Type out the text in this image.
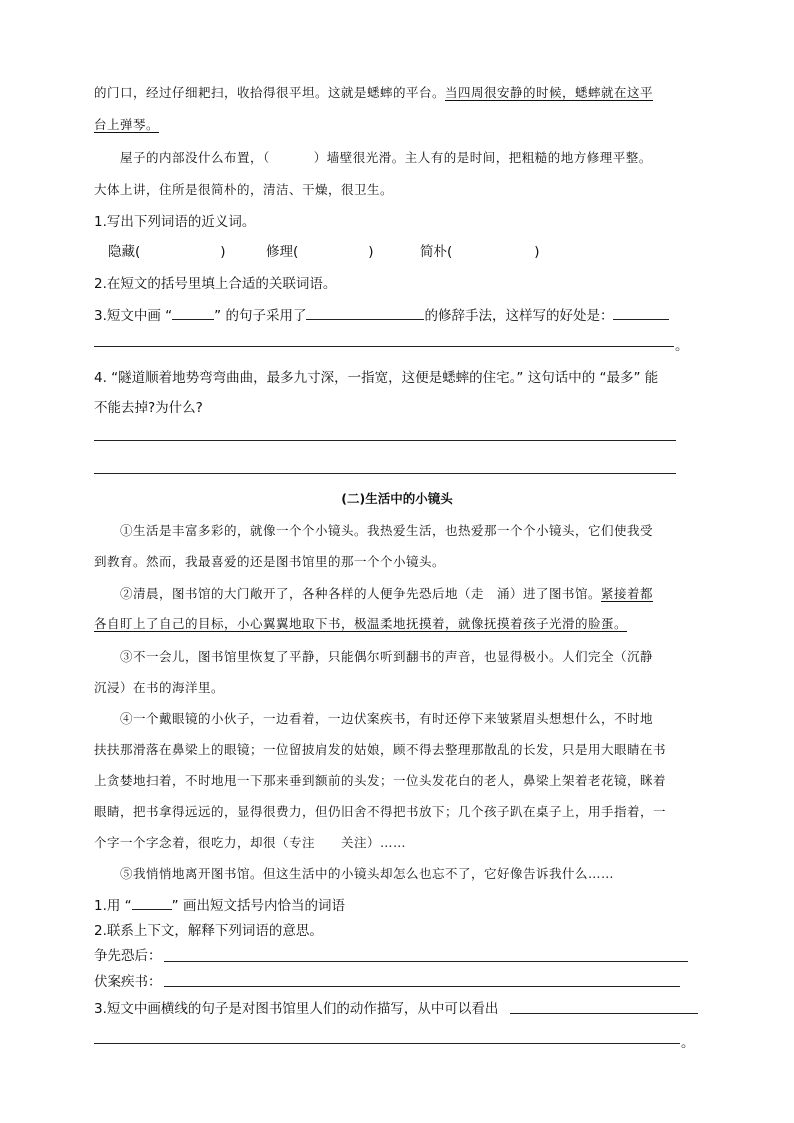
的门口，经过仔细耙扫，收拾得很平坦。这就是蟋蟀的平台。当四周很安静的时候，蟋蟀就在这平
台上弹琴。
屋子的内部没什么布置，（	）墙壁很光滑。主人有的是时间，把粗糙的地方修理平整。
大体上讲，住所是很简朴的，清洁、干燥，很卫生。
1.写出下列词语的近义词。
隐藏(	)	修理(	)	简朴(	)
2.在短文的括号里填上合适的关联词语。
3.短文中画 “	” 的句子采用了	的修辞手法，这样写的好处是：
。
4. “隧道顺着地势弯弯曲曲，最多九寸深，一指宽，这便是蟋蟀的住宅。” 这句话中的 “最多” 能
不能去掉?为什么?
(二)生活中的小镜头
①生活是丰富多彩的，就像一个个小镜头。我热爱生活，也热爱那一个个小镜头，它们使我受
到教育。然而，我最喜爱的还是图书馆里的那一个个小镜头。
②清晨，图书馆的大门敞开了，各种各样的人便争先恐后地（走　涌）进了图书馆。紧接着都
各自盯上了自己的目标，小心翼翼地取下书，极温柔地抚摸着，就像抚摸着孩子光滑的脸蛋。
③不一会儿，图书馆里恢复了平静，只能偶尔听到翻书的声音，也显得极小。人们完全（沉静
沉浸）在书的海洋里。
④一个戴眼镜的小伙子，一边看着，一边伏案疾书，有时还停下来皱紧眉头想想什么，不时地
扶扶那滑落在鼻梁上的眼镜；一位留披肩发的姑娘，顾不得去整理那散乱的长发，只是用大眼睛在书
上贪婪地扫着，不时地甩一下那来垂到额前的头发；一位头发花白的老人，鼻梁上架着老花镜，眯着
眼睛，把书拿得远远的，显得很费力，但仍旧舍不得把书放下；几个孩子趴在桌子上，用手指着，一
个字一个字念着，很吃力，却很（专注　　关注）……
⑤我悄悄地离开图书馆。但这生活中的小镜头却怎么也忘不了，它好像告诉我什么……
1.用 “	” 画出短文括号内恰当的词语
2.联系上下文，解释下列词语的意思。
争先恐后：
伏案疾书：
3.短文中画横线的句子是对图书馆里人们的动作描写，从中可以看出
。
